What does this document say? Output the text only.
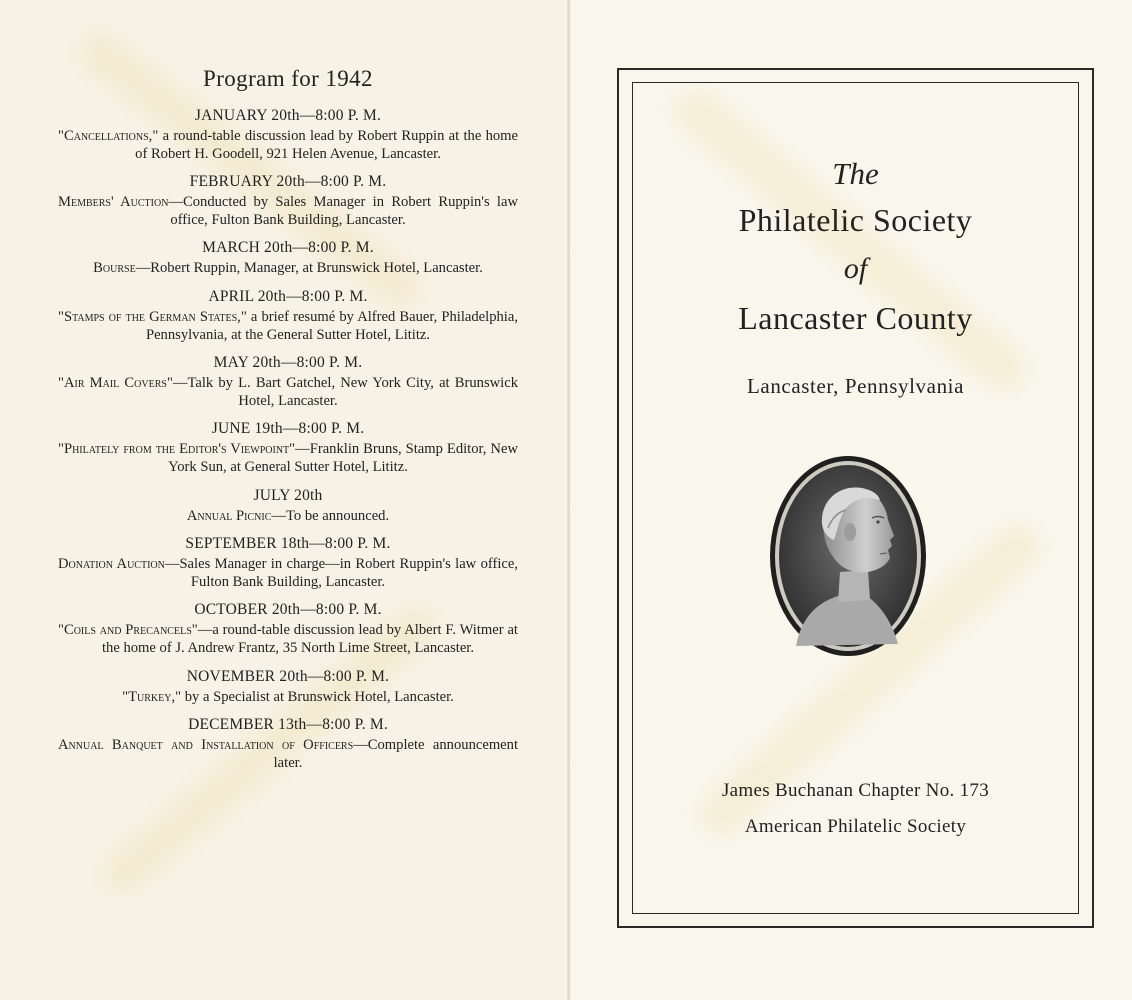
Program for 1942
JANUARY 20th—8:00 P. M.
"Cancellations," a round-table discussion lead by Robert Ruppin at the home of Robert H. Goodell, 921 Helen Avenue, Lancaster.
FEBRUARY 20th—8:00 P. M.
Members' Auction—Conducted by Sales Manager in Robert Ruppin's law office, Fulton Bank Building, Lancaster.
MARCH 20th—8:00 P. M.
Bourse—Robert Ruppin, Manager, at Brunswick Hotel, Lancaster.
APRIL 20th—8:00 P. M.
"Stamps of the German States," a brief resumé by Alfred Bauer, Philadelphia, Pennsylvania, at the General Sutter Hotel, Lititz.
MAY 20th—8:00 P. M.
"Air Mail Covers"—Talk by L. Bart Gatchel, New York City, at Brunswick Hotel, Lancaster.
JUNE 19th—8:00 P. M.
"Philately from the Editor's Viewpoint"—Franklin Bruns, Stamp Editor, New York Sun, at General Sutter Hotel, Lititz.
JULY 20th
Annual Picnic—To be announced.
SEPTEMBER 18th—8:00 P. M.
Donation Auction—Sales Manager in charge—in Robert Ruppin's law office, Fulton Bank Building, Lancaster.
OCTOBER 20th—8:00 P. M.
"Coils and Precancels"—a round-table discussion lead by Albert F. Witmer at the home of J. Andrew Frantz, 35 North Lime Street, Lancaster.
NOVEMBER 20th—8:00 P. M.
"Turkey," by a Specialist at Brunswick Hotel, Lancaster.
DECEMBER 13th—8:00 P. M.
Annual Banquet and Installation of Officers—Complete announcement later.
The
Philatelic Society
of
Lancaster County
Lancaster, Pennsylvania
James Buchanan Chapter No. 173
American Philatelic Society
